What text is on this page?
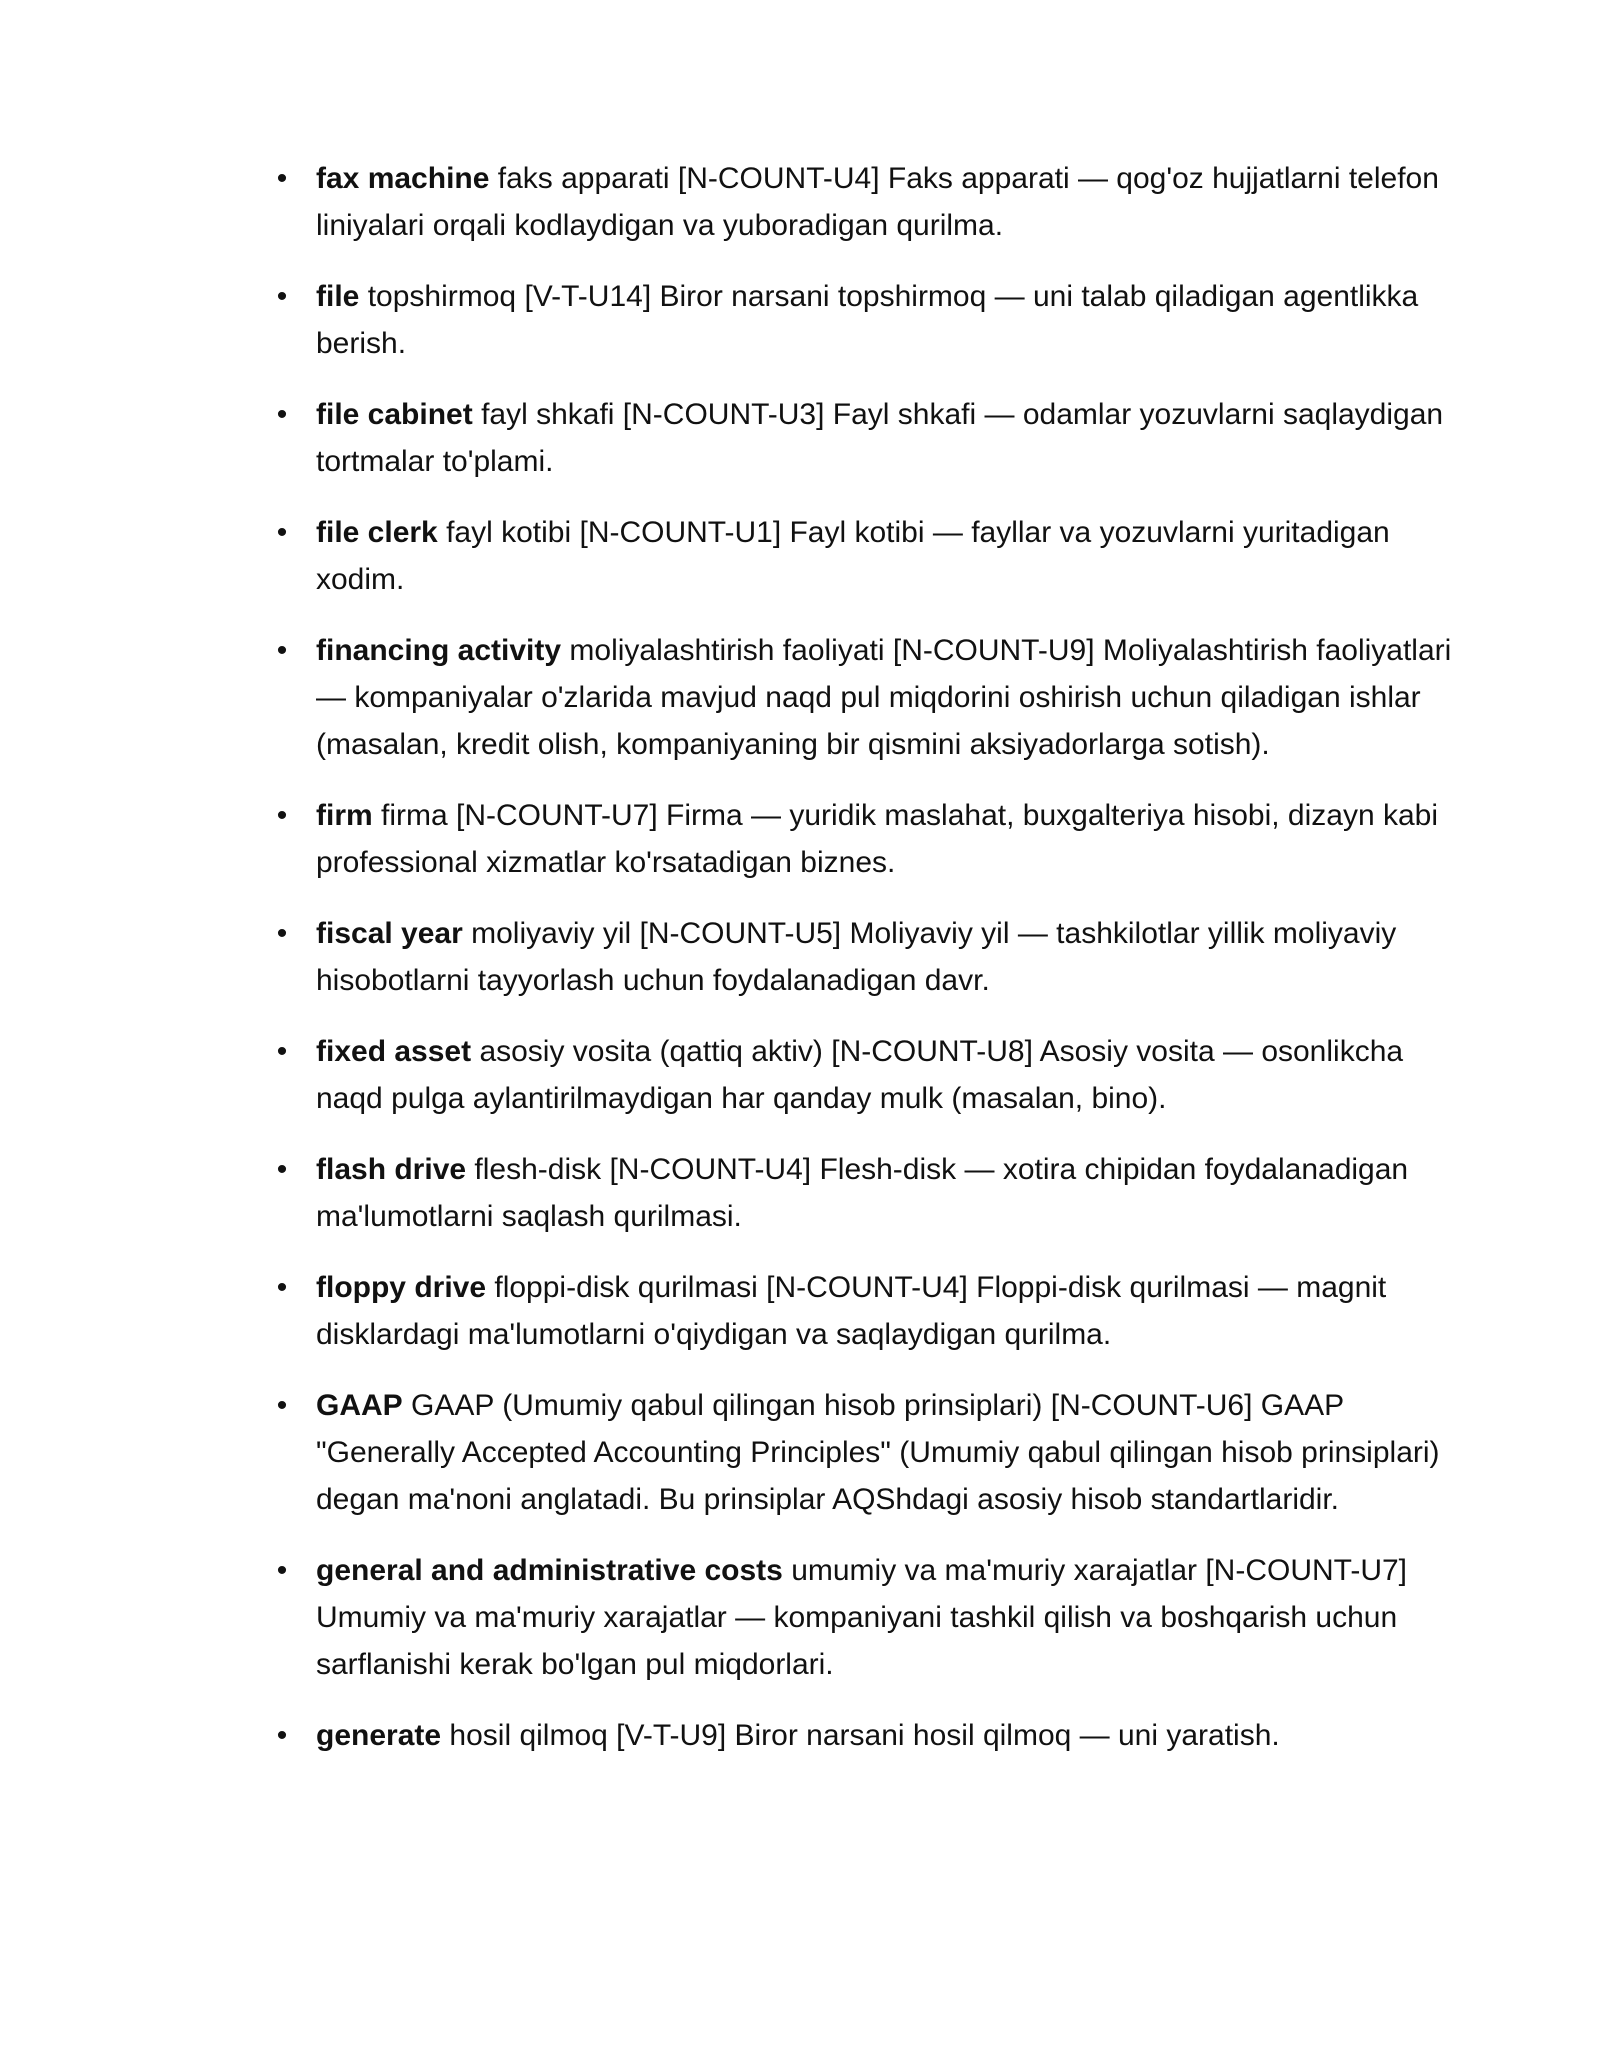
• fax machine faks apparati [N-COUNT-U4] Faks apparati — qog'oz hujjatlarni telefon liniyalari orqali kodlaydigan va yuboradigan qurilma.
• file topshirmoq [V-T-U14] Biror narsani topshirmoq — uni talab qiladigan agentlikka berish.
• file cabinet fayl shkafi [N-COUNT-U3] Fayl shkafi — odamlar yozuvlarni saqlaydigan tortmalar to'plami.
• file clerk fayl kotibi [N-COUNT-U1] Fayl kotibi — fayllar va yozuvlarni yuritadigan xodim.
• financing activity moliyalashtirish faoliyati [N-COUNT-U9] Moliyalashtirish faoliyatlari — kompaniyalar o'zlarida mavjud naqd pul miqdorini oshirish uchun qiladigan ishlar (masalan, kredit olish, kompaniyaning bir qismini aksiyadorlarga sotish).
• firm firma [N-COUNT-U7] Firma — yuridik maslahat, buxgalteriya hisobi, dizayn kabi professional xizmatlar ko'rsatadigan biznes.
• fiscal year moliyaviy yil [N-COUNT-U5] Moliyaviy yil — tashkilotlar yillik moliyaviy hisobotlarni tayyorlash uchun foydalanadigan davr.
• fixed asset asosiy vosita (qattiq aktiv) [N-COUNT-U8] Asosiy vosita — osonlikcha naqd pulga aylantirilmaydigan har qanday mulk (masalan, bino).
• flash drive flesh-disk [N-COUNT-U4] Flesh-disk — xotira chipidan foydalanadigan ma'lumotlarni saqlash qurilmasi.
• floppy drive floppi-disk qurilmasi [N-COUNT-U4] Floppi-disk qurilmasi — magnit disklardagi ma'lumotlarni o'qiydigan va saqlaydigan qurilma.
• GAAP GAAP (Umumiy qabul qilingan hisob prinsiplari) [N-COUNT-U6] GAAP "Generally Accepted Accounting Principles" (Umumiy qabul qilingan hisob prinsiplari) degan ma'noni anglatadi. Bu prinsiplar AQShdagi asosiy hisob standartlaridir.
• general and administrative costs umumiy va ma'muriy xarajatlar [N-COUNT-U7] Umumiy va ma'muriy xarajatlar — kompaniyani tashkil qilish va boshqarish uchun sarflanishi kerak bo'lgan pul miqdorlari.
• generate hosil qilmoq [V-T-U9] Biror narsani hosil qilmoq — uni yaratish.
